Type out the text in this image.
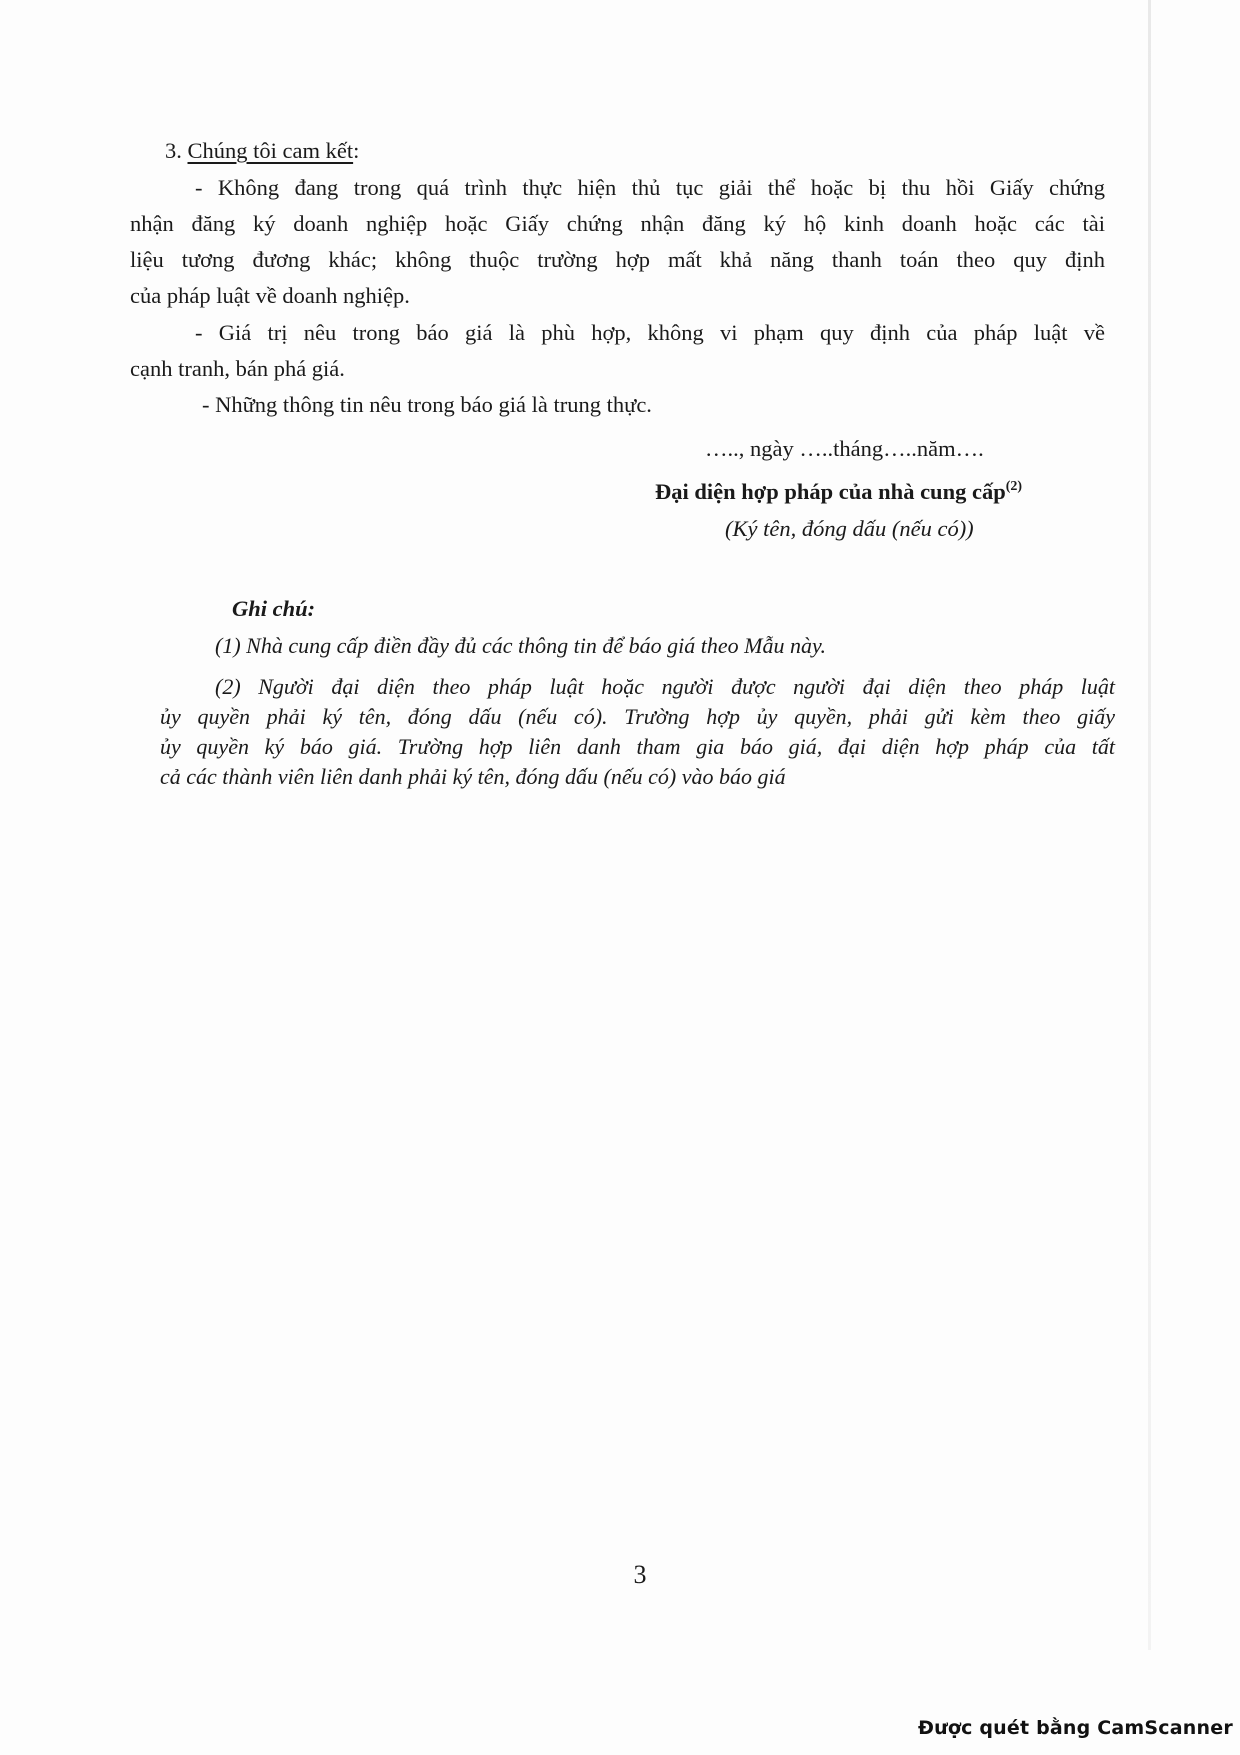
3. Chúng tôi cam kết:
- Không đang trong quá trình thực hiện thủ tục giải thể hoặc bị thu hồi Giấy chứng
nhận đăng ký doanh nghiệp hoặc Giấy chứng nhận đăng ký hộ kinh doanh hoặc các tài
liệu tương đương khác; không thuộc trường hợp mất khả năng thanh toán theo quy định
của pháp luật về doanh nghiệp.
- Giá trị nêu trong báo giá là phù hợp, không vi phạm quy định của pháp luật về
cạnh tranh, bán phá giá.
- Những thông tin nêu trong báo giá là trung thực.
….., ngày …..tháng…..năm….
Đại diện hợp pháp của nhà cung cấp$^{(2)}$
(Ký tên, đóng dấu (nếu có))
Ghi chú:
(1) Nhà cung cấp điền đầy đủ các thông tin để báo giá theo Mẫu này.
(2) Người đại diện theo pháp luật hoặc người được người đại diện theo pháp luật
ủy quyền phải ký tên, đóng dấu (nếu có). Trường hợp ủy quyền, phải gửi kèm theo giấy
ủy quyền ký báo giá. Trường hợp liên danh tham gia báo giá, đại diện hợp pháp của tất
cả các thành viên liên danh phải ký tên, đóng dấu (nếu có) vào báo giá
3
Được quét bằng CamScanner
